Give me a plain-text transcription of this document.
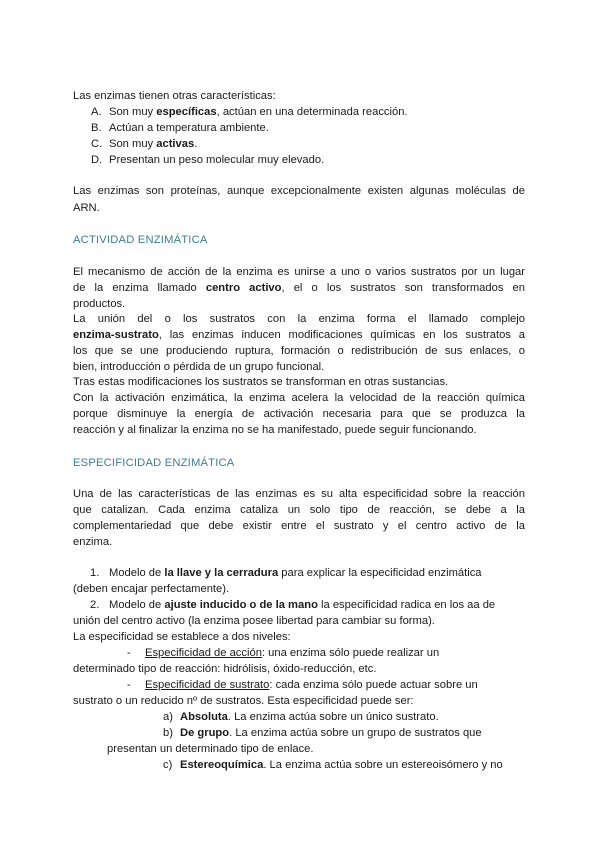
Las enzimas tienen otras características:
A. Son muy específicas, actúan en una determinada reacción.
B. Actúan a temperatura ambiente.
C. Son muy activas.
D. Presentan un peso molecular muy elevado.
Las enzimas son proteínas, aunque excepcionalmente existen algunas moléculas de
ARN.
ACTIVIDAD ENZIMÁTICA
El mecanismo de acción de la enzima es unirse a uno o varios sustratos por un lugar
de la enzima llamado centro activo, el o los sustratos son transformados en
productos.
La unión del o los sustratos con la enzima forma el llamado complejo
enzima-sustrato, las enzimas inducen modificaciones químicas en los sustratos a
los que se une produciendo ruptura, formación o redistribución de sus enlaces, o
bien, introducción o pérdida de un grupo funcional.
Tras estas modificaciones los sustratos se transforman en otras sustancias.
Con la activación enzimática, la enzima acelera la velocidad de la reacción química
porque disminuye la energía de activación necesaria para que se produzca la
reacción y al finalizar la enzima no se ha manifestado, puede seguir funcionando.
ESPECIFICIDAD ENZIMÁTICA
Una de las características de las enzimas es su alta especificidad sobre la reacción
que catalizan. Cada enzima cataliza un solo tipo de reacción, se debe a la
complementariedad que debe existir entre el sustrato y el centro activo de la
enzima.
1. Modelo de la llave y la cerradura para explicar la especificidad enzimática
(deben encajar perfectamente).
2. Modelo de ajuste inducido o de la mano la especificidad radica en los aa de
unión del centro activo (la enzima posee libertad para cambiar su forma).
La especificidad se establece a dos niveles:
- Especificidad de acción: una enzima sólo puede realizar un
determinado tipo de reacción: hidrólisis, óxido-reducción, etc.
- Especificidad de sustrato: cada enzima sólo puede actuar sobre un
sustrato o un reducido nº de sustratos. Esta especificidad puede ser:
a) Absoluta. La enzima actúa sobre un único sustrato.
b) De grupo. La enzima actúa sobre un grupo de sustratos que
presentan un determinado tipo de enlace.
c) Estereoquímica. La enzima actúa sobre un estereoisómero y no
